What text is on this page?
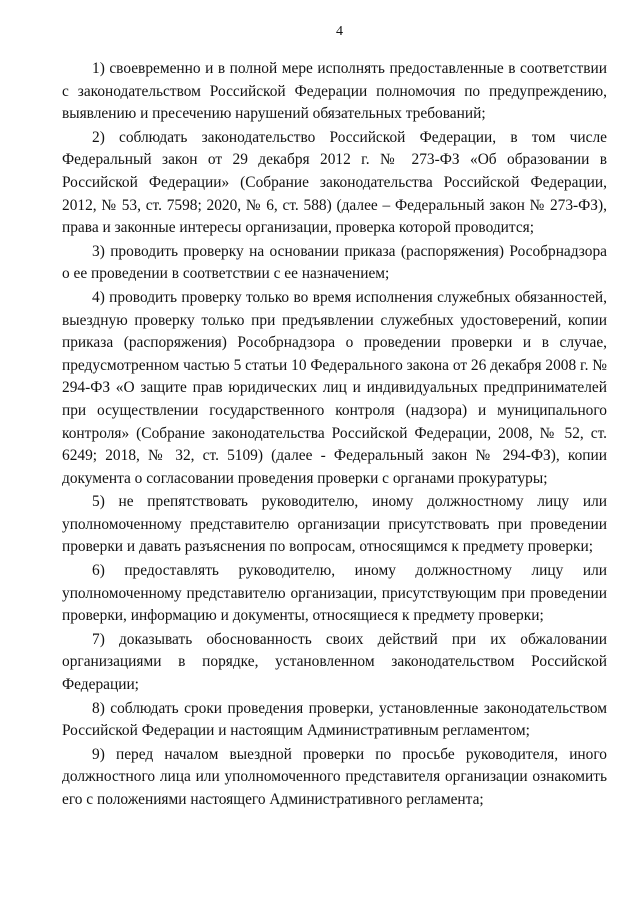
4

1) своевременно и в полной мере исполнять предоставленные в соответствии с законодательством Российской Федерации полномочия по предупреждению, выявлению и пресечению нарушений обязательных требований;

2) соблюдать законодательство Российской Федерации, в том числе Федеральный закон от 29 декабря 2012 г. № 273-ФЗ «Об образовании в Российской Федерации» (Собрание законодательства Российской Федерации, 2012, № 53, ст. 7598; 2020, № 6, ст. 588) (далее – Федеральный закон № 273-ФЗ), права и законные интересы организации, проверка которой проводится;

3) проводить проверку на основании приказа (распоряжения) Рособрнадзора о ее проведении в соответствии с ее назначением;

4) проводить проверку только во время исполнения служебных обязанностей, выездную проверку только при предъявлении служебных удостоверений, копии приказа (распоряжения) Рособрнадзора о проведении проверки и в случае, предусмотренном частью 5 статьи 10 Федерального закона от 26 декабря 2008 г. № 294-ФЗ «О защите прав юридических лиц и индивидуальных предпринимателей при осуществлении государственного контроля (надзора) и муниципального контроля» (Собрание законодательства Российской Федерации, 2008, № 52, ст. 6249; 2018, № 32, ст. 5109) (далее - Федеральный закон № 294-ФЗ), копии документа о согласовании проведения проверки с органами прокуратуры;

5) не препятствовать руководителю, иному должностному лицу или уполномоченному представителю организации присутствовать при проведении проверки и давать разъяснения по вопросам, относящимся к предмету проверки;

6) предоставлять руководителю, иному должностному лицу или уполномоченному представителю организации, присутствующим при проведении проверки, информацию и документы, относящиеся к предмету проверки;

7) доказывать обоснованность своих действий при их обжаловании организациями в порядке, установленном законодательством Российской Федерации;

8) соблюдать сроки проведения проверки, установленные законодательством Российской Федерации и настоящим Административным регламентом;

9) перед началом выездной проверки по просьбе руководителя, иного должностного лица или уполномоченного представителя организации ознакомить его с положениями настоящего Административного регламента;
